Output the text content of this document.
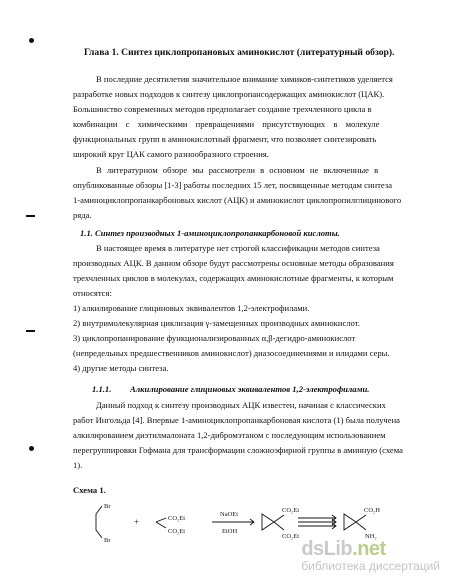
Глава 1. Синтез циклопропановых аминокислот (литературный обзор).
В последние десятилетия значительное внимание химиков-синтетиков уделяется
разработке новых подходов к синтезу циклопропансодержащих аминокислот (ЦАК).
Большинство современных методов предполагает создание трехчленного цикла в
комбинации с химическими превращениями присутствующих в молекуле
функциональных групп в аминокислотный фрагмент, что позволяет синтезировать
широкий круг ЦАК самого разнообразного строения.
В литературном обзоре мы рассмотрели в основном не включенные в
опубликованные обзоры [1-3] работы последних 15 лет, посвященные методам синтеза
1-аминоциклопропанкарбоновых кислот (АЦК) и аминокислот циклопропилглицинового
ряда.
1.1. Синтез производных 1-аминоциклопропанкарбоновой кислоты.
В настоящее время в литературе нет строгой классификации методов синтеза
производных АЦК. В данном обзоре будут рассмотрены основные методы образования
трехчленных циклов в молекулах, содержащих аминокислотные фрагменты, к которым
относятся:
1) алкилирование глициновых эквивалентов 1,2-электрофилами.
2) внутримолекулярная циклизация γ-замещенных производных аминокислот.
3) циклопропанирование функционализированных α,β-дегидро-аминокислот
(непредельных предшественников аминокислот) диазосоединениями и илидами серы.
4) другие методы синтеза.
1.1.1. Алкилирование глициновых эквивалентов 1,2-электрофилами.
Данный подход к синтезу производных АЦК известен, начиная с классических
работ Ингольда [4]. Впервые 1-аминоциклопропанкарбоновая кислота (1) была получена
алкилированием диэтилмалоната 1,2-дибромэтаном с последующим использованием
перегруппировки Гофмана для трансформации сложноэфирной группы в аминную (схема
1).
Схема 1.
Br
Br
+	CO₂Et
CO₂Et
NaOEt
EtOH
CO₂Et
CO₂Et
CO₂H
NH₂
dsLib.net
библиотека диссертаций
